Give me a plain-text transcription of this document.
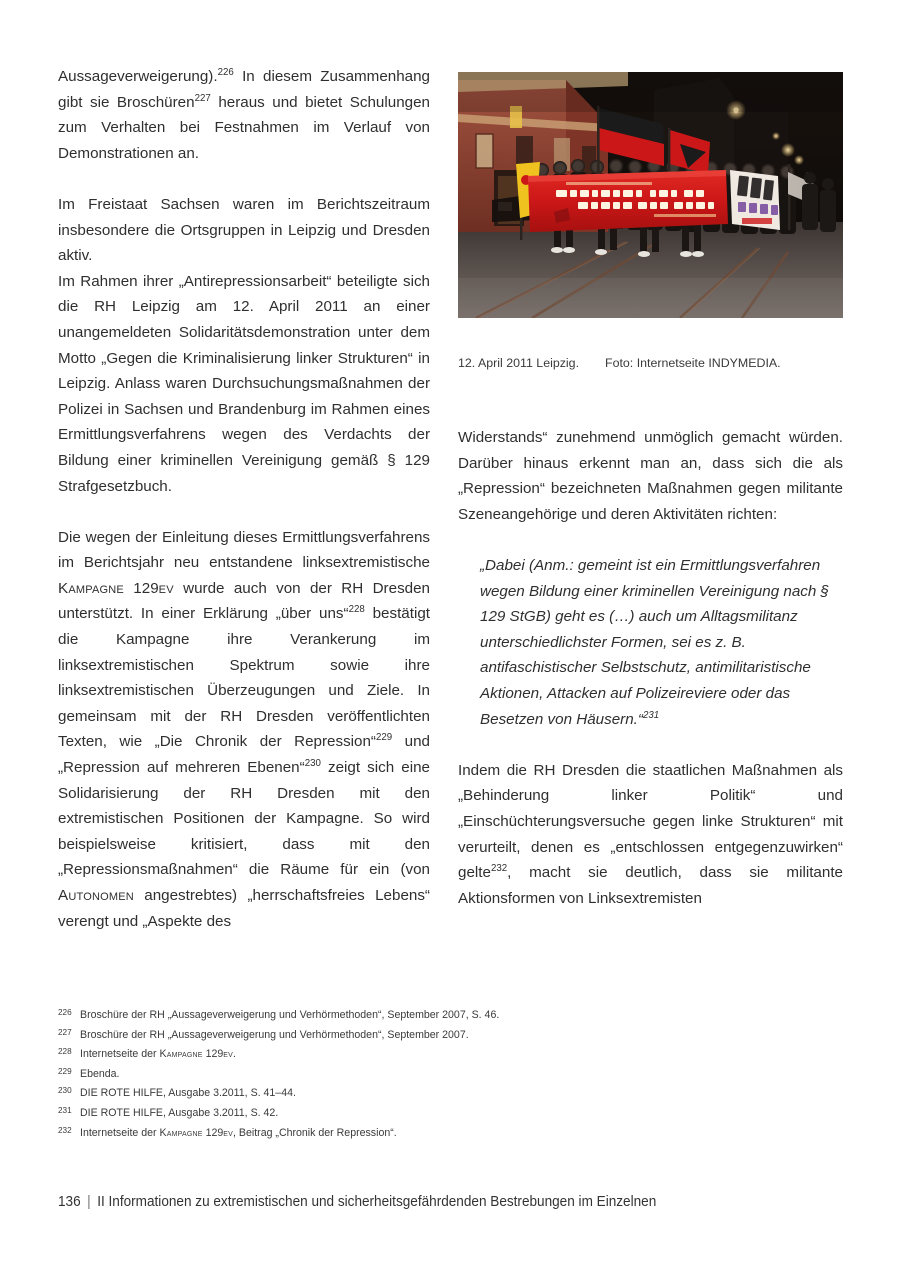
Aussageverweigerung).$^{226}$ In diesem Zusammenhang gibt sie Broschüren$^{227}$ heraus und bietet Schulungen zum Verhalten bei Festnahmen im Verlauf von Demonstrationen an.

Im Freistaat Sachsen waren im Berichtszeitraum insbesondere die Ortsgruppen in Leipzig und Dresden aktiv.

Im Rahmen ihrer „Antirepressionsarbeit“ beteiligte sich die RH Leipzig am 12. April 2011 an einer unangemeldeten Solidaritätsdemonstration unter dem Motto „Gegen die Kriminalisierung linker Strukturen“ in Leipzig. Anlass waren Durchsuchungsmaßnahmen der Polizei in Sachsen und Brandenburg im Rahmen eines Ermittlungsverfahrens wegen des Verdachts der Bildung einer kriminellen Vereinigung gemäß § 129 Strafgesetzbuch.

Die wegen der Einleitung dieses Ermittlungsverfahrens im Berichtsjahr neu entstandene linksextremistische Kampagne 129ev wurde auch von der RH Dresden unterstützt. In einer Erklärung „über uns“$^{228}$ bestätigt die Kampagne ihre Verankerung im linksextremistischen Spektrum sowie ihre linksextremistischen Überzeugungen und Ziele. In gemeinsam mit der RH Dresden veröffentlichten Texten, wie „Die Chronik der Repression“$^{229}$ und „Repression auf mehreren Ebenen“$^{230}$ zeigt sich eine Solidarisierung der RH Dresden mit den extremistischen Positionen der Kampagne. So wird beispielsweise kritisiert, dass mit den „Repressionsmaßnahmen“ die Räume für ein (von Autonomen angestrebtes) „herrschaftsfreies Lebens“ verengt und „Aspekte des

12. April 2011 Leipzig. Foto: Internetseite INDYMEDIA.

Widerstands“ zunehmend unmöglich gemacht würden. Darüber hinaus erkennt man an, dass sich die als „Repression“ bezeichneten Maßnahmen gegen militante Szeneangehörige und deren Aktivitäten richten:

„Dabei (Anm.: gemeint ist ein Ermittlungsverfahren wegen Bildung einer kriminellen Vereinigung nach § 129 StGB) geht es (…) auch um Alltagsmilitanz unterschiedlichster Formen, sei es z. B. antifaschistischer Selbstschutz, antimilitaristische Aktionen, Attacken auf Polizeireviere oder das Besetzen von Häusern.“$^{231}$

Indem die RH Dresden die staatlichen Maßnahmen als „Behinderung linker Politik“ und „Einschüchterungsversuche gegen linke Strukturen“ mit verurteilt, denen es „entschlossen entgegenzuwirken“ gelte$^{232}$, macht sie deutlich, dass sie militante Aktionsformen von Linksextremisten

226 Broschüre der RH „Aussageverweigerung und Verhörmethoden“, September 2007, S. 46.
227 Broschüre der RH „Aussageverweigerung und Verhörmethoden“, September 2007.
228 Internetseite der Kampagne 129ev.
229 Ebenda.
230 DIE ROTE HILFE, Ausgabe 3.2011, S. 41–44.
231 DIE ROTE HILFE, Ausgabe 3.2011, S. 42.
232 Internetseite der Kampagne 129ev, Beitrag „Chronik der Repression“.
136 | II Informationen zu extremistischen und sicherheitsgefährdenden Bestrebungen im Einzelnen
